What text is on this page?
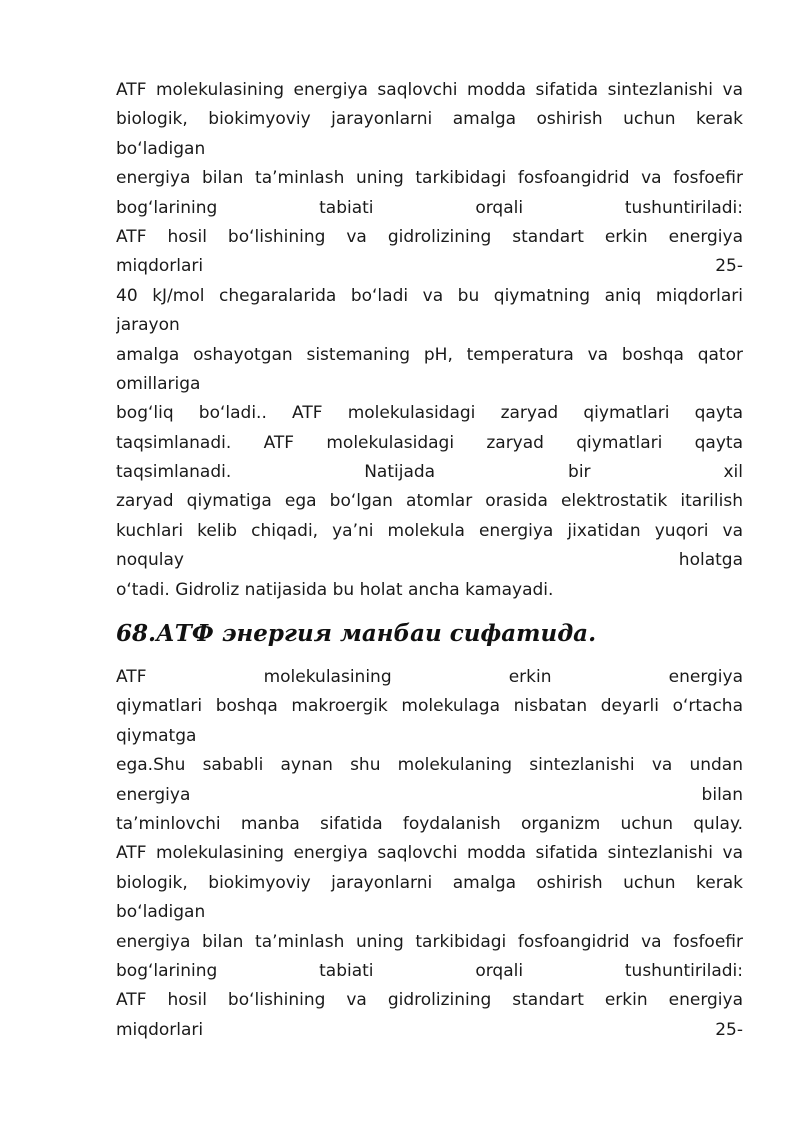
ATF molekulasining energiya saqlovchi modda sifatida sintezlanishi va
biologik, biokimyoviy jarayonlarni amalga oshirish uchun kerak
bo‘ladigan
energiya bilan ta’minlash uning tarkibidagi fosfoangidrid va fosfoefir
bog‘larining tabiati orqali tushuntiriladi:
ATF hosil bo‘lishining va gidrolizining standart erkin energiya
miqdorlari 25-
40 kJ/mol chegaralarida bo‘ladi va bu qiymatning aniq miqdorlari
jarayon
amalga oshayotgan sistemaning pH, temperatura va boshqa qator
omillariga
bog‘liq bo‘ladi.. ATF molekulasidagi zaryad qiymatlari qayta
taqsimlanadi. ATF molekulasidagi zaryad qiymatlari qayta
taqsimlanadi. Natijada bir xil
zaryad qiymatiga ega bo‘lgan atomlar orasida elektrostatik itarilish
kuchlari kelib chiqadi, ya’ni molekula energiya jixatidan yuqori va
noqulay holatga
o‘tadi. Gidroliz natijasida bu holat ancha kamayadi.
68.АТФ энергия манбаи сифатида.
ATF molekulasining erkin energiya
qiymatlari boshqa makroergik molekulaga nisbatan deyarli o‘rtacha
qiymatga
ega.Shu sababli aynan shu molekulaning sintezlanishi va undan
energiya bilan
ta’minlovchi manba sifatida foydalanish organizm uchun qulay.
ATF molekulasining energiya saqlovchi modda sifatida sintezlanishi va
biologik, biokimyoviy jarayonlarni amalga oshirish uchun kerak
bo‘ladigan
energiya bilan ta’minlash uning tarkibidagi fosfoangidrid va fosfoefir
bog‘larining tabiati orqali tushuntiriladi:
ATF hosil bo‘lishining va gidrolizining standart erkin energiya
miqdorlari 25-
